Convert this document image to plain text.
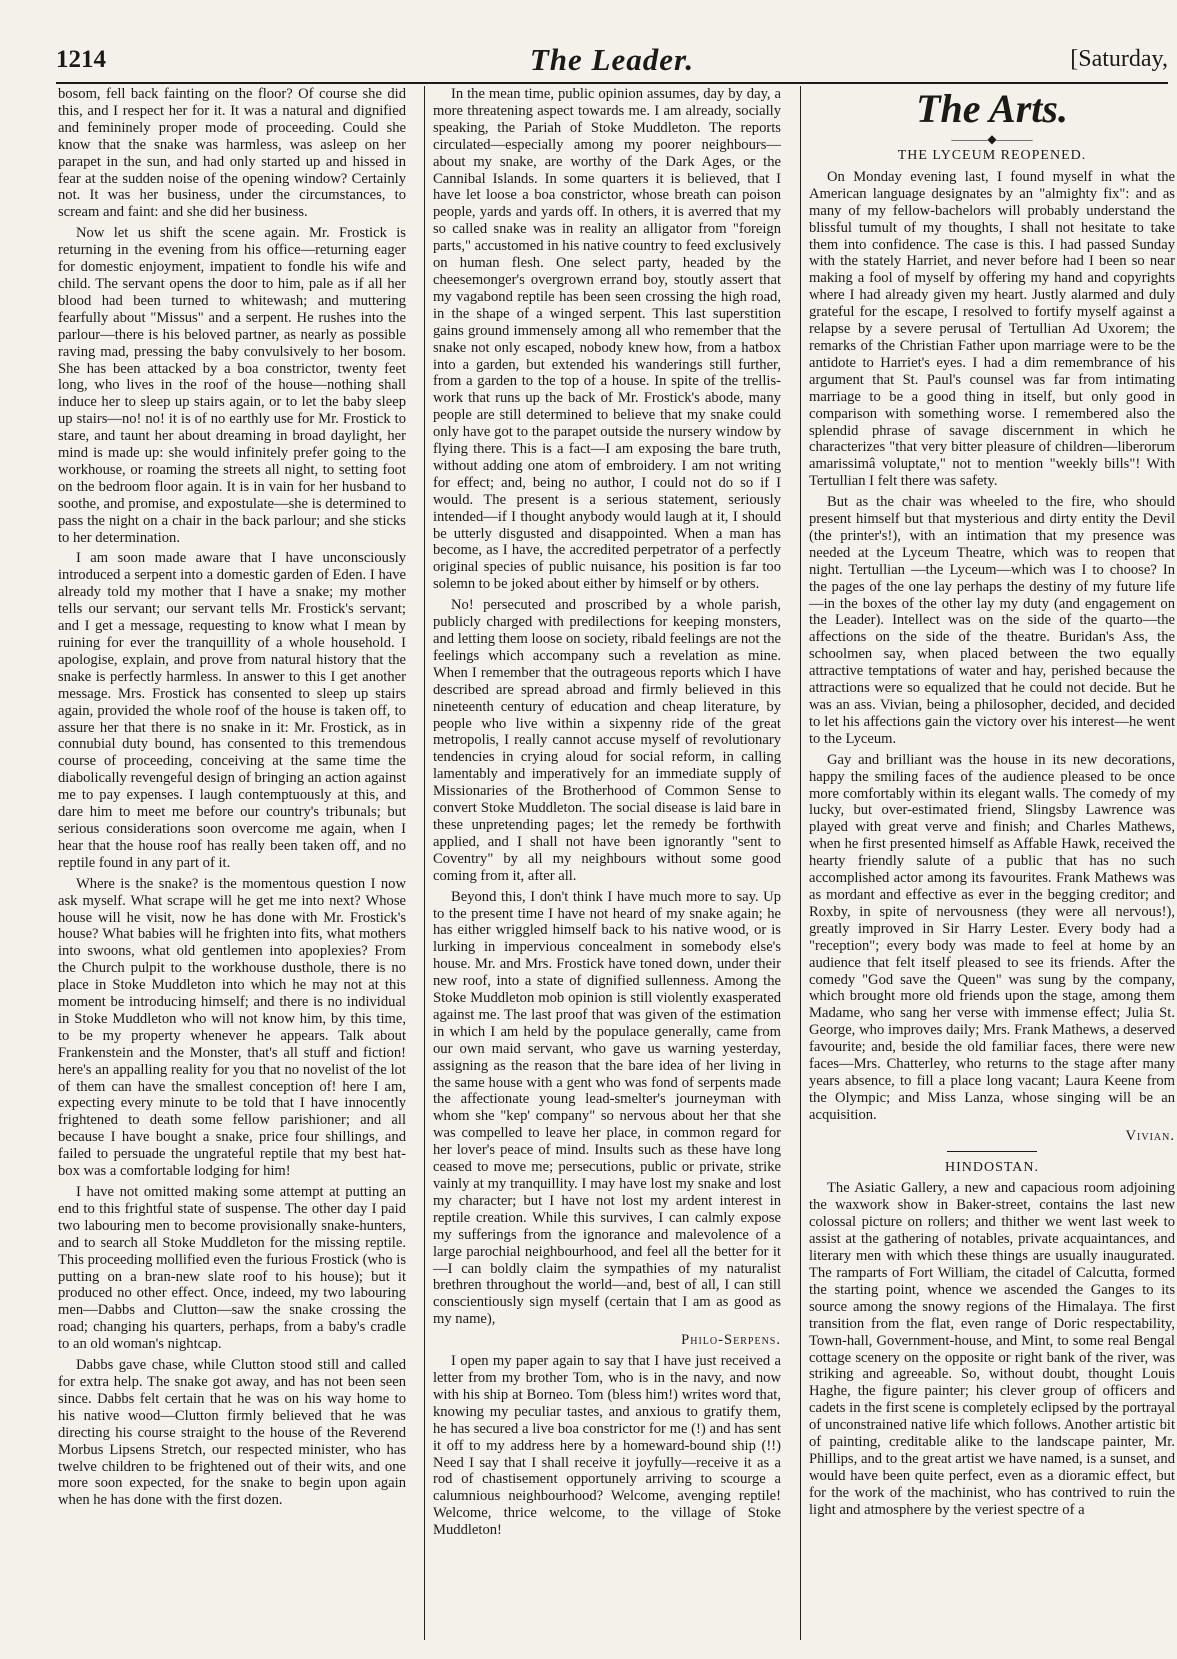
1214	The Leader.	[Saturday,

bosom, fell back fainting on the floor? Of course she did this, and I respect her for it. It was a natural and dignified and femininely proper mode of proceeding. Could she know that the snake was harmless, was asleep on her parapet in the sun, and had only started up and hissed in fear at the sudden noise of the opening window? Certainly not. It was her business, under the circumstances, to scream and faint: and she did her business.

Now let us shift the scene again. Mr. Frostick is returning in the evening from his office—returning eager for domestic enjoyment, impatient to fondle his wife and child. The servant opens the door to him, pale as if all her blood had been turned to whitewash; and muttering fearfully about "Missus" and a serpent. He rushes into the parlour—there is his beloved partner, as nearly as possible raving mad, pressing the baby convulsively to her bosom. She has been attacked by a boa constrictor, twenty feet long, who lives in the roof of the house—nothing shall induce her to sleep up stairs again, or to let the baby sleep up stairs—no! no! it is of no earthly use for Mr. Frostick to stare, and taunt her about dreaming in broad daylight, her mind is made up: she would infinitely prefer going to the workhouse, or roaming the streets all night, to setting foot on the bedroom floor again. It is in vain for her husband to soothe, and promise, and expostulate—she is determined to pass the night on a chair in the back parlour; and she sticks to her determination.

I am soon made aware that I have unconsciously introduced a serpent into a domestic garden of Eden. I have already told my mother that I have a snake; my mother tells our servant; our servant tells Mr. Frostick's servant; and I get a message, requesting to know what I mean by ruining for ever the tranquillity of a whole household. I apologise, explain, and prove from natural history that the snake is perfectly harmless. In answer to this I get another message. Mrs. Frostick has consented to sleep up stairs again, provided the whole roof of the house is taken off, to assure her that there is no snake in it: Mr. Frostick, as in connubial duty bound, has consented to this tremendous course of proceeding, conceiving at the same time the diabolically revengeful design of bringing an action against me to pay expenses. I laugh contemptuously at this, and dare him to meet me before our country's tribunals; but serious considerations soon overcome me again, when I hear that the house roof has really been taken off, and no reptile found in any part of it.

Where is the snake? is the momentous question I now ask myself. What scrape will he get me into next? Whose house will he visit, now he has done with Mr. Frostick's house? What babies will he frighten into fits, what mothers into swoons, what old gentlemen into apoplexies? From the Church pulpit to the workhouse dusthole, there is no place in Stoke Muddleton into which he may not at this moment be introducing himself; and there is no individual in Stoke Muddleton who will not know him, by this time, to be my property whenever he appears. Talk about Frankenstein and the Monster, that's all stuff and fiction! here's an appalling reality for you that no novelist of the lot of them can have the smallest conception of! here I am, expecting every minute to be told that I have innocently frightened to death some fellow parishioner; and all because I have bought a snake, price four shillings, and failed to persuade the ungrateful reptile that my best hat-box was a comfortable lodging for him!

I have not omitted making some attempt at putting an end to this frightful state of suspense. The other day I paid two labouring men to become provisionally snake-hunters, and to search all Stoke Muddleton for the missing reptile. This proceeding mollified even the furious Frostick (who is putting on a bran-new slate roof to his house); but it produced no other effect. Once, indeed, my two labouring men—Dabbs and Clutton—saw the snake crossing the road; changing his quarters, perhaps, from a baby's cradle to an old woman's nightcap.

Dabbs gave chase, while Clutton stood still and called for extra help. The snake got away, and has not been seen since. Dabbs felt certain that he was on his way home to his native wood—Clutton firmly believed that he was directing his course straight to the house of the Reverend Morbus Lipsens Stretch, our respected minister, who has twelve children to be frightened out of their wits, and one more soon expected, for the snake to begin upon again when he has done with the first dozen.

In the mean time, public opinion assumes, day by day, a more threatening aspect towards me. I am already, socially speaking, the Pariah of Stoke Muddleton. The reports circulated—especially among my poorer neighbours—about my snake, are worthy of the Dark Ages, or the Cannibal Islands. In some quarters it is believed, that I have let loose a boa constrictor, whose breath can poison people, yards and yards off. In others, it is averred that my so called snake was in reality an alligator from "foreign parts," accustomed in his native country to feed exclusively on human flesh. One select party, headed by the cheesemonger's overgrown errand boy, stoutly assert that my vagabond reptile has been seen crossing the high road, in the shape of a winged serpent. This last superstition gains ground immensely among all who remember that the snake not only escaped, nobody knew how, from a hatbox into a garden, but extended his wanderings still further, from a garden to the top of a house. In spite of the trellis-work that runs up the back of Mr. Frostick's abode, many people are still determined to believe that my snake could only have got to the parapet outside the nursery window by flying there. This is a fact—I am exposing the bare truth, without adding one atom of embroidery. I am not writing for effect; and, being no author, I could not do so if I would. The present is a serious statement, seriously intended—if I thought anybody would laugh at it, I should be utterly disgusted and disappointed. When a man has become, as I have, the accredited perpetrator of a perfectly original species of public nuisance, his position is far too solemn to be joked about either by himself or by others.

No! persecuted and proscribed by a whole parish, publicly charged with predilections for keeping monsters, and letting them loose on society, ribald feelings are not the feelings which accompany such a revelation as mine. When I remember that the outrageous reports which I have described are spread abroad and firmly believed in this nineteenth century of education and cheap literature, by people who live within a sixpenny ride of the great metropolis, I really cannot accuse myself of revolutionary tendencies in crying aloud for social reform, in calling lamentably and imperatively for an immediate supply of Missionaries of the Brotherhood of Common Sense to convert Stoke Muddleton. The social disease is laid bare in these unpretending pages; let the remedy be forthwith applied, and I shall not have been ignorantly "sent to Coventry" by all my neighbours without some good coming from it, after all.

Beyond this, I don't think I have much more to say. Up to the present time I have not heard of my snake again; he has either wriggled himself back to his native wood, or is lurking in impervious concealment in somebody else's house. Mr. and Mrs. Frostick have toned down, under their new roof, into a state of dignified sullenness. Among the Stoke Muddleton mob opinion is still violently exasperated against me. The last proof that was given of the estimation in which I am held by the populace generally, came from our own maid servant, who gave us warning yesterday, assigning as the reason that the bare idea of her living in the same house with a gent who was fond of serpents made the affectionate young lead-smelter's journeyman with whom she "kep' company" so nervous about her that she was compelled to leave her place, in common regard for her lover's peace of mind. Insults such as these have long ceased to move me; persecutions, public or private, strike vainly at my tranquillity. I may have lost my snake and lost my character; but I have not lost my ardent interest in reptile creation. While this survives, I can calmly expose my sufferings from the ignorance and malevolence of a large parochial neighbourhood, and feel all the better for it—I can boldly claim the sympathies of my naturalist brethren throughout the world—and, best of all, I can still conscientiously sign myself (certain that I am as good as my name),

Philo-Serpens.

I open my paper again to say that I have just received a letter from my brother Tom, who is in the navy, and now with his ship at Borneo. Tom (bless him!) writes word that, knowing my peculiar tastes, and anxious to gratify them, he has secured a live boa constrictor for me (!) and has sent it off to my address here by a homeward-bound ship (!!) Need I say that I shall receive it joyfully—receive it as a rod of chastisement opportunely arriving to scourge a calumnious neighbourhood? Welcome, avenging reptile! Welcome, thrice welcome, to the village of Stoke Muddleton!

The Arts.
———◆———
THE LYCEUM REOPENED.

On Monday evening last, I found myself in what the American language designates by an "almighty fix": and as many of my fellow-bachelors will probably understand the blissful tumult of my thoughts, I shall not hesitate to take them into confidence. The case is this. I had passed Sunday with the stately Harriet, and never before had I been so near making a fool of myself by offering my hand and copyrights where I had already given my heart. Justly alarmed and duly grateful for the escape, I resolved to fortify myself against a relapse by a severe perusal of Tertullian Ad Uxorem; the remarks of the Christian Father upon marriage were to be the antidote to Harriet's eyes. I had a dim remembrance of his argument that St. Paul's counsel was far from intimating marriage to be a good thing in itself, but only good in comparison with something worse. I remembered also the splendid phrase of savage discernment in which he characterizes "that very bitter pleasure of children—liberorum amarissimâ voluptate," not to mention "weekly bills"! With Tertullian I felt there was safety.

But as the chair was wheeled to the fire, who should present himself but that mysterious and dirty entity the Devil (the printer's!), with an intimation that my presence was needed at the Lyceum Theatre, which was to reopen that night. Tertullian —the Lyceum—which was I to choose? In the pages of the one lay perhaps the destiny of my future life—in the boxes of the other lay my duty (and engagement on the Leader). Intellect was on the side of the quarto—the affections on the side of the theatre. Buridan's Ass, the schoolmen say, when placed between the two equally attractive temptations of water and hay, perished because the attractions were so equalized that he could not decide. But he was an ass. Vivian, being a philosopher, decided, and decided to let his affections gain the victory over his interest—he went to the Lyceum.

Gay and brilliant was the house in its new decorations, happy the smiling faces of the audience pleased to be once more comfortably within its elegant walls. The comedy of my lucky, but over-estimated friend, Slingsby Lawrence was played with great verve and finish; and Charles Mathews, when he first presented himself as Affable Hawk, received the hearty friendly salute of a public that has no such accomplished actor among its favourites. Frank Mathews was as mordant and effective as ever in the begging creditor; and Roxby, in spite of nervousness (they were all nervous!), greatly improved in Sir Harry Lester. Every body had a "reception"; every body was made to feel at home by an audience that felt itself pleased to see its friends. After the comedy "God save the Queen" was sung by the company, which brought more old friends upon the stage, among them Madame, who sang her verse with immense effect; Julia St. George, who improves daily; Mrs. Frank Mathews, a deserved favourite; and, beside the old familiar faces, there were new faces—Mrs. Chatterley, who returns to the stage after many years absence, to fill a place long vacant; Laura Keene from the Olympic; and Miss Lanza, whose singing will be an acquisition.

Vivian.

HINDOSTAN.

The Asiatic Gallery, a new and capacious room adjoining the waxwork show in Baker-street, contains the last new colossal picture on rollers; and thither we went last week to assist at the gathering of notables, private acquaintances, and literary men with which these things are usually inaugurated. The ramparts of Fort William, the citadel of Calcutta, formed the starting point, whence we ascended the Ganges to its source among the snowy regions of the Himalaya. The first transition from the flat, even range of Doric respectability, Town-hall, Government-house, and Mint, to some real Bengal cottage scenery on the opposite or right bank of the river, was striking and agreeable. So, without doubt, thought Louis Haghe, the figure painter; his clever group of officers and cadets in the first scene is completely eclipsed by the portrayal of unconstrained native life which follows. Another artistic bit of painting, creditable alike to the landscape painter, Mr. Phillips, and to the great artist we have named, is a sunset, and would have been quite perfect, even as a dioramic effect, but for the work of the machinist, who has contrived to ruin the light and atmosphere by the veriest spectre of a
